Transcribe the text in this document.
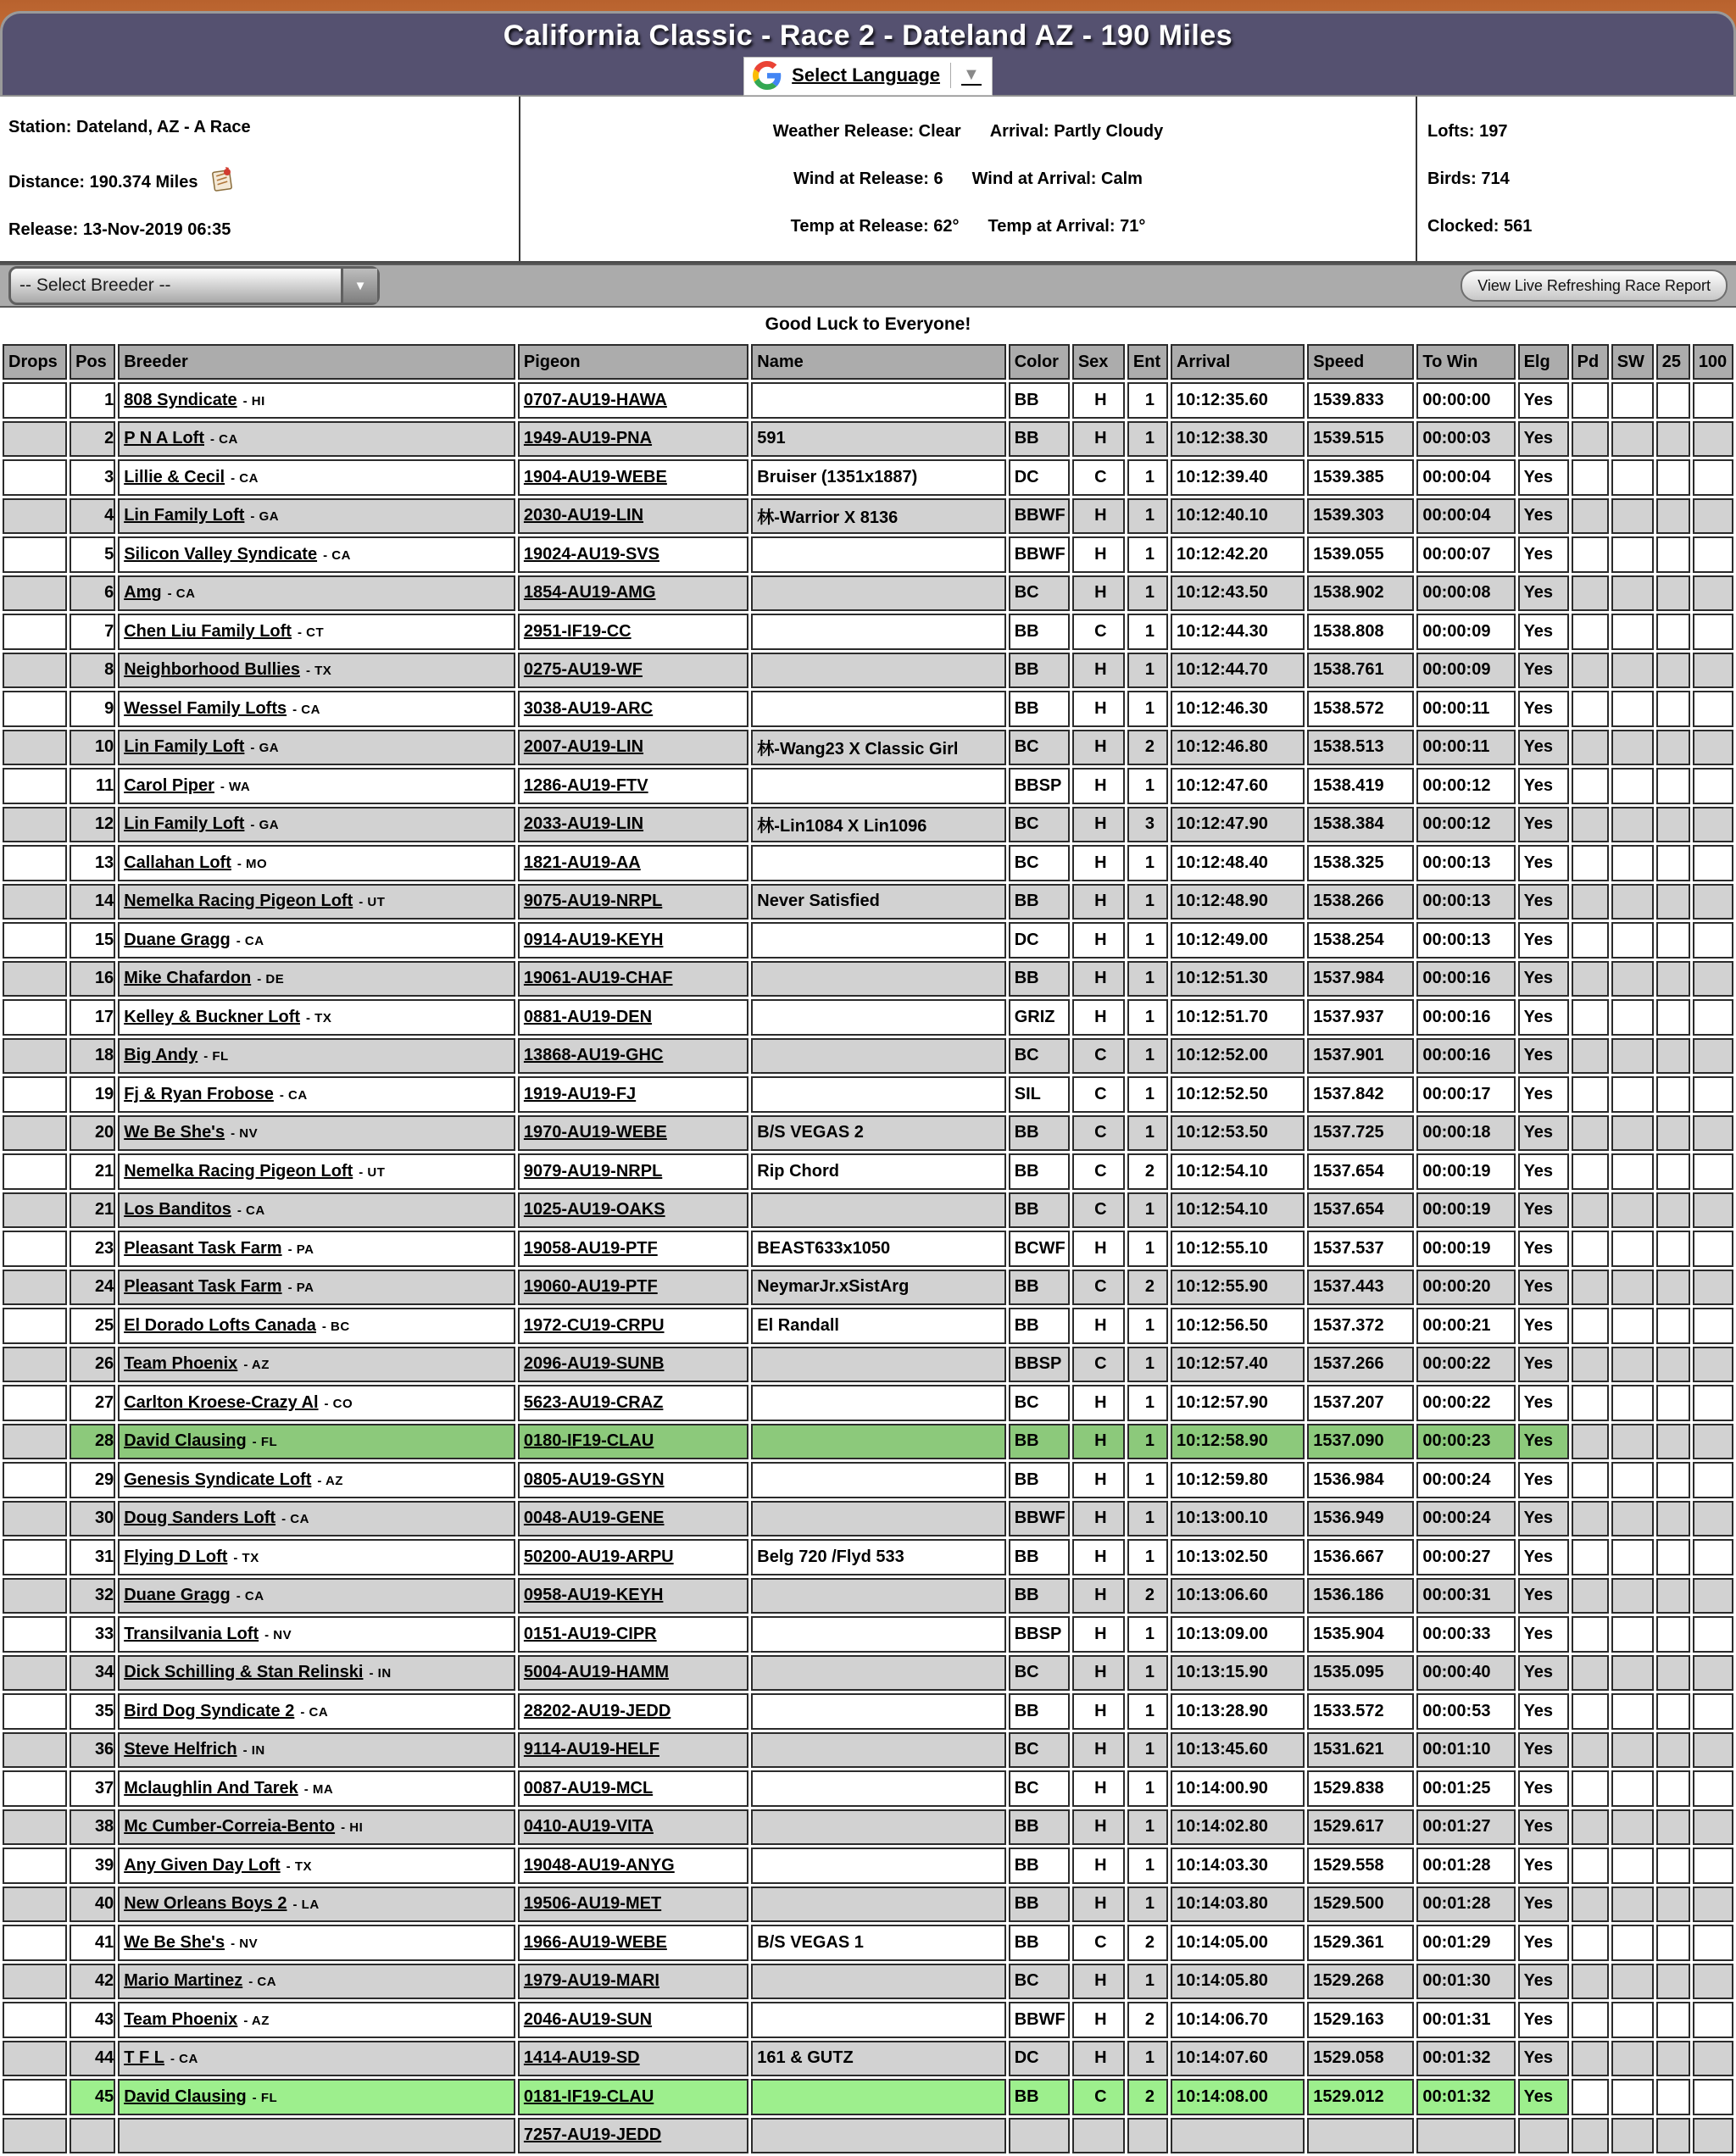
California Classic - Race 2 - Dateland AZ - 190 Miles
Select Language ▼
Station: Dateland, AZ - A Race
Distance: 190.374 Miles
Release: 13-Nov-2019 06:35
Weather Release: Clear Arrival: Partly Cloudy
Wind at Release: 6 Wind at Arrival: Calm
Temp at Release: 62° Temp at Arrival: 71°
Lofts: 197
Birds: 714
Clocked: 561
-- Select Breeder --	▼	View Live Refreshing Race Report
Good Luck to Everyone!
Drops	Pos	Breeder	Pigeon	Name	Color	Sex	Ent	Arrival	Speed	To Win	Elg	Pd	SW	25	100
	1	808 Syndicate - HI	0707-AU19-HAWA		BB	H	1	10:12:35.60	1539.833	00:00:00	Yes				
	2	P N A Loft - CA	1949-AU19-PNA	591	BB	H	1	10:12:38.30	1539.515	00:00:03	Yes				
	3	Lillie & Cecil - CA	1904-AU19-WEBE	Bruiser (1351x1887)	DC	C	1	10:12:39.40	1539.385	00:00:04	Yes				
	4	Lin Family Loft - GA	2030-AU19-LIN	林-Warrior X 8136	BBWF	H	1	10:12:40.10	1539.303	00:00:04	Yes				
	5	Silicon Valley Syndicate - CA	19024-AU19-SVS		BBWF	H	1	10:12:42.20	1539.055	00:00:07	Yes				
	6	Amg - CA	1854-AU19-AMG		BC	H	1	10:12:43.50	1538.902	00:00:08	Yes				
	7	Chen Liu Family Loft - CT	2951-IF19-CC		BB	C	1	10:12:44.30	1538.808	00:00:09	Yes				
	8	Neighborhood Bullies - TX	0275-AU19-WF		BB	H	1	10:12:44.70	1538.761	00:00:09	Yes				
	9	Wessel Family Lofts - CA	3038-AU19-ARC		BB	H	1	10:12:46.30	1538.572	00:00:11	Yes				
	10	Lin Family Loft - GA	2007-AU19-LIN	林-Wang23 X Classic Girl	BC	H	2	10:12:46.80	1538.513	00:00:11	Yes				
	11	Carol Piper - WA	1286-AU19-FTV		BBSP	H	1	10:12:47.60	1538.419	00:00:12	Yes				
	12	Lin Family Loft - GA	2033-AU19-LIN	林-Lin1084 X Lin1096	BC	H	3	10:12:47.90	1538.384	00:00:12	Yes				
	13	Callahan Loft - MO	1821-AU19-AA		BC	H	1	10:12:48.40	1538.325	00:00:13	Yes				
	14	Nemelka Racing Pigeon Loft - UT	9075-AU19-NRPL	Never Satisfied	BB	H	1	10:12:48.90	1538.266	00:00:13	Yes				
	15	Duane Gragg - CA	0914-AU19-KEYH		DC	H	1	10:12:49.00	1538.254	00:00:13	Yes				
	16	Mike Chafardon - DE	19061-AU19-CHAF		BB	H	1	10:12:51.30	1537.984	00:00:16	Yes				
	17	Kelley & Buckner Loft - TX	0881-AU19-DEN		GRIZ	H	1	10:12:51.70	1537.937	00:00:16	Yes				
	18	Big Andy - FL	13868-AU19-GHC		BC	C	1	10:12:52.00	1537.901	00:00:16	Yes				
	19	Fj & Ryan Frobose - CA	1919-AU19-FJ		SIL	C	1	10:12:52.50	1537.842	00:00:17	Yes				
	20	We Be She's - NV	1970-AU19-WEBE	B/S VEGAS 2	BB	C	1	10:12:53.50	1537.725	00:00:18	Yes				
	21	Nemelka Racing Pigeon Loft - UT	9079-AU19-NRPL	Rip Chord	BB	C	2	10:12:54.10	1537.654	00:00:19	Yes				
	21	Los Banditos - CA	1025-AU19-OAKS		BB	C	1	10:12:54.10	1537.654	00:00:19	Yes				
	23	Pleasant Task Farm - PA	19058-AU19-PTF	BEAST633x1050	BCWF	H	1	10:12:55.10	1537.537	00:00:19	Yes				
	24	Pleasant Task Farm - PA	19060-AU19-PTF	NeymarJr.xSistArg	BB	C	2	10:12:55.90	1537.443	00:00:20	Yes				
	25	El Dorado Lofts Canada - BC	1972-CU19-CRPU	El Randall	BB	H	1	10:12:56.50	1537.372	00:00:21	Yes				
	26	Team Phoenix - AZ	2096-AU19-SUNB		BBSP	C	1	10:12:57.40	1537.266	00:00:22	Yes				
	27	Carlton Kroese-Crazy Al - CO	5623-AU19-CRAZ		BC	H	1	10:12:57.90	1537.207	00:00:22	Yes				
	28	David Clausing - FL	0180-IF19-CLAU		BB	H	1	10:12:58.90	1537.090	00:00:23	Yes				
	29	Genesis Syndicate Loft - AZ	0805-AU19-GSYN		BB	H	1	10:12:59.80	1536.984	00:00:24	Yes				
	30	Doug Sanders Loft - CA	0048-AU19-GENE		BBWF	H	1	10:13:00.10	1536.949	00:00:24	Yes				
	31	Flying D Loft - TX	50200-AU19-ARPU	Belg 720 /Flyd 533	BB	H	1	10:13:02.50	1536.667	00:00:27	Yes				
	32	Duane Gragg - CA	0958-AU19-KEYH		BB	H	2	10:13:06.60	1536.186	00:00:31	Yes				
	33	Transilvania Loft - NV	0151-AU19-CIPR		BBSP	H	1	10:13:09.00	1535.904	00:00:33	Yes				
	34	Dick Schilling & Stan Relinski - IN	5004-AU19-HAMM		BC	H	1	10:13:15.90	1535.095	00:00:40	Yes				
	35	Bird Dog Syndicate 2 - CA	28202-AU19-JEDD		BB	H	1	10:13:28.90	1533.572	00:00:53	Yes				
	36	Steve Helfrich - IN	9114-AU19-HELF		BC	H	1	10:13:45.60	1531.621	00:01:10	Yes				
	37	Mclaughlin And Tarek - MA	0087-AU19-MCL		BC	H	1	10:14:00.90	1529.838	00:01:25	Yes				
	38	Mc Cumber-Correia-Bento - HI	0410-AU19-VITA		BB	H	1	10:14:02.80	1529.617	00:01:27	Yes				
	39	Any Given Day Loft - TX	19048-AU19-ANYG		BB	H	1	10:14:03.30	1529.558	00:01:28	Yes				
	40	New Orleans Boys 2 - LA	19506-AU19-MET		BB	H	1	10:14:03.80	1529.500	00:01:28	Yes				
	41	We Be She's - NV	1966-AU19-WEBE	B/S VEGAS 1	BB	C	2	10:14:05.00	1529.361	00:01:29	Yes				
	42	Mario Martinez - CA	1979-AU19-MARI		BC	H	1	10:14:05.80	1529.268	00:01:30	Yes				
	43	Team Phoenix - AZ	2046-AU19-SUN		BBWF	H	2	10:14:06.70	1529.163	00:01:31	Yes				
	44	T F L - CA	1414-AU19-SD	161 & GUTZ	DC	H	1	10:14:07.60	1529.058	00:01:32	Yes				
	45	David Clausing - FL	0181-IF19-CLAU		BB	C	2	10:14:08.00	1529.012	00:01:32	Yes				
			7257-AU19-JEDD												
